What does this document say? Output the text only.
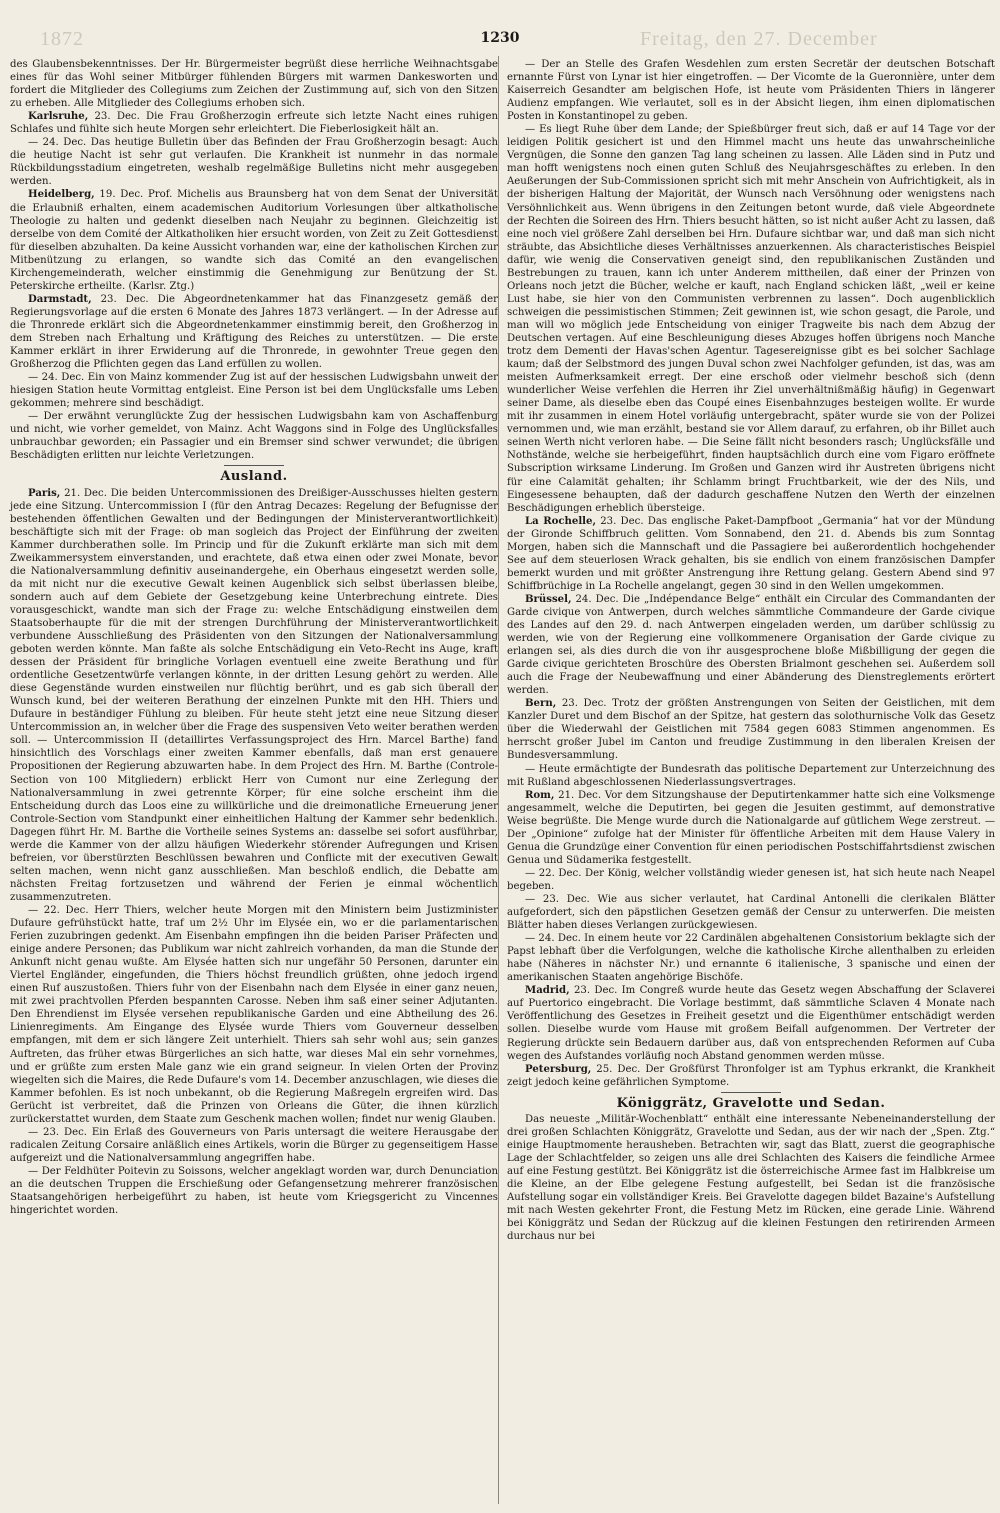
1872	Freitag, den 27. December
1230

des Glaubensbekenntnisses. Der Hr. Bürgermeister begrüßt diese herrliche Weihnachtsgabe eines für das Wohl seiner Mitbürger fühlenden Bürgers mit warmen Dankesworten und fordert die Mitglieder des Collegiums zum Zeichen der Zustimmung auf, sich von den Sitzen zu erheben. Alle Mitglieder des Collegiums erhoben sich.

Karlsruhe, 23. Dec. Die Frau Großherzogin erfreute sich letzte Nacht eines ruhigen Schlafes und fühlte sich heute Morgen sehr erleichtert. Die Fieberlosigkeit hält an.

— 24. Dec. Das heutige Bulletin über das Befinden der Frau Großherzogin besagt: Auch die heutige Nacht ist sehr gut verlaufen. Die Krankheit ist nunmehr in das normale Rückbildungsstadium eingetreten, weshalb regelmäßige Bulletins nicht mehr ausgegeben werden.

Heidelberg, 19. Dec. Prof. Michelis aus Braunsberg hat von dem Senat der Universität die Erlaubniß erhalten, einem academischen Auditorium Vorlesungen über altkatholische Theologie zu halten und gedenkt dieselben nach Neujahr zu beginnen. Gleichzeitig ist derselbe von dem Comité der Altkatholiken hier ersucht worden, von Zeit zu Zeit Gottesdienst für dieselben abzuhalten. Da keine Aussicht vorhanden war, eine der katholischen Kirchen zur Mitbenützung zu erlangen, so wandte sich das Comité an den evangelischen Kirchengemeinderath, welcher einstimmig die Genehmigung zur Benützung der St. Peterskirche ertheilte. (Karlsr. Ztg.)

Darmstadt, 23. Dec. Die Abgeordnetenkammer hat das Finanzgesetz gemäß der Regierungsvorlage auf die ersten 6 Monate des Jahres 1873 verlängert. — In der Adresse auf die Thronrede erklärt sich die Abgeordnetenkammer einstimmig bereit, den Großherzog in dem Streben nach Erhaltung und Kräftigung des Reiches zu unterstützen. — Die erste Kammer erklärt in ihrer Erwiderung auf die Thronrede, in gewohnter Treue gegen den Großherzog die Pflichten gegen das Land erfüllen zu wollen.

— 24. Dec. Ein von Mainz kommender Zug ist auf der hessischen Ludwigsbahn unweit der hiesigen Station heute Vormittag entgleist. Eine Person ist bei dem Unglücksfalle ums Leben gekommen; mehrere sind beschädigt.

— Der erwähnt verunglückte Zug der hessischen Ludwigsbahn kam von Aschaffenburg und nicht, wie vorher gemeldet, von Mainz. Acht Waggons sind in Folge des Unglücksfalles unbrauchbar geworden; ein Passagier und ein Bremser sind schwer verwundet; die übrigen Beschädigten erlitten nur leichte Verletzungen.

Ausland.

Paris, 21. Dec. Die beiden Untercommissionen des Dreißiger-Ausschusses hielten gestern jede eine Sitzung. Untercommission I (für den Antrag Decazes: Regelung der Befugnisse der bestehenden öffentlichen Gewalten und der Bedingungen der Ministerverantwortlichkeit) beschäftigte sich mit der Frage: ob man sogleich das Project der Einführung der zweiten Kammer durchberathen solle. Im Princip und für die Zukunft erklärte man sich mit dem Zweikammersystem einverstanden, und erachtete, daß etwa einen oder zwei Monate, bevor die Nationalversammlung definitiv auseinandergehe, ein Oberhaus eingesetzt werden solle, da mit nicht nur die executive Gewalt keinen Augenblick sich selbst überlassen bleibe, sondern auch auf dem Gebiete der Gesetzgebung keine Unterbrechung eintrete. Dies vorausgeschickt, wandte man sich der Frage zu: welche Entschädigung einstweilen dem Staatsoberhaupte für die mit der strengen Durchführung der Ministerverantwortlichkeit verbundene Ausschließung des Präsidenten von den Sitzungen der Nationalversammlung geboten werden könnte. Man faßte als solche Entschädigung ein Veto-Recht ins Auge, kraft dessen der Präsident für bringliche Vorlagen eventuell eine zweite Berathung und für ordentliche Gesetzentwürfe verlangen könnte, in der dritten Lesung gehört zu werden. Alle diese Gegenstände wurden einstweilen nur flüchtig berührt, und es gab sich überall der Wunsch kund, bei der weiteren Berathung der einzelnen Punkte mit den HH. Thiers und Dufaure in beständiger Fühlung zu bleiben. Für heute steht jetzt eine neue Sitzung dieser Untercommission an, in welcher über die Frage des suspensiven Veto weiter berathen werden soll. — Untercommission II (detaillirtes Verfassungsproject des Hrn. Marcel Barthe) fand hinsichtlich des Vorschlags einer zweiten Kammer ebenfalls, daß man erst genauere Propositionen der Regierung abzuwarten habe. In dem Project des Hrn. M. Barthe (Controle-Section von 100 Mitgliedern) erblickt Herr von Cumont nur eine Zerlegung der Nationalversammlung in zwei getrennte Körper; für eine solche erscheint ihm die Entscheidung durch das Loos eine zu willkürliche und die dreimonatliche Erneuerung jener Controle-Section vom Standpunkt einer einheitlichen Haltung der Kammer sehr bedenklich. Dagegen führt Hr. M. Barthe die Vortheile seines Systems an: dasselbe sei sofort ausführbar, werde die Kammer von der allzu häufigen Wiederkehr störender Aufregungen und Krisen befreien, vor überstürzten Beschlüssen bewahren und Conflicte mit der executiven Gewalt selten machen, wenn nicht ganz ausschließen. Man beschloß endlich, die Debatte am nächsten Freitag fortzusetzen und während der Ferien je einmal wöchentlich zusammenzutreten.

— 22. Dec. Herr Thiers, welcher heute Morgen mit den Ministern beim Justizminister Dufaure gefrühstückt hatte, traf um 2½ Uhr im Elysée ein, wo er die parlamentarischen Ferien zuzubringen gedenkt. Am Eisenbahn empfingen ihn die beiden Pariser Präfecten und einige andere Personen; das Publikum war nicht zahlreich vorhanden, da man die Stunde der Ankunft nicht genau wußte. Am Elysée hatten sich nur ungefähr 50 Personen, darunter ein Viertel Engländer, eingefunden, die Thiers höchst freundlich grüßten, ohne jedoch irgend einen Ruf auszustoßen. Thiers fuhr von der Eisenbahn nach dem Elysée in einer ganz neuen, mit zwei prachtvollen Pferden bespannten Carosse. Neben ihm saß einer seiner Adjutanten. Den Ehrendienst im Elysée versehen republikanische Garden und eine Abtheilung des 26. Linienregiments. Am Eingange des Elysée wurde Thiers vom Gouverneur desselben empfangen, mit dem er sich längere Zeit unterhielt. Thiers sah sehr wohl aus; sein ganzes Auftreten, das früher etwas Bürgerliches an sich hatte, war dieses Mal ein sehr vornehmes, und er grüßte zum ersten Male ganz wie ein grand seigneur. In vielen Orten der Provinz wiegelten sich die Maires, die Rede Dufaure's vom 14. December anzuschlagen, wie dieses die Kammer befohlen. Es ist noch unbekannt, ob die Regierung Maßregeln ergreifen wird. Das Gerücht ist verbreitet, daß die Prinzen von Orleans die Güter, die ihnen kürzlich zurückerstattet wurden, dem Staate zum Geschenk machen wollen; findet nur wenig Glauben.

— 23. Dec. Ein Erlaß des Gouverneurs von Paris untersagt die weitere Herausgabe der radicalen Zeitung Corsaire anläßlich eines Artikels, worin die Bürger zu gegenseitigem Hasse aufgereizt und die Nationalversammlung angegriffen habe.

— Der Feldhüter Poitevin zu Soissons, welcher angeklagt worden war, durch Denunciation an die deutschen Truppen die Erschießung oder Gefangensetzung mehrerer französischen Staatsangehörigen herbeigeführt zu haben, ist heute vom Kriegsgericht zu Vincennes hingerichtet worden.

— Der an Stelle des Grafen Wesdehlen zum ersten Secretär der deutschen Botschaft ernannte Fürst von Lynar ist hier eingetroffen. — Der Vicomte de la Gueronnière, unter dem Kaiserreich Gesandter am belgischen Hofe, ist heute vom Präsidenten Thiers in längerer Audienz empfangen. Wie verlautet, soll es in der Absicht liegen, ihm einen diplomatischen Posten in Konstantinopel zu geben.

— Es liegt Ruhe über dem Lande; der Spießbürger freut sich, daß er auf 14 Tage vor der leidigen Politik gesichert ist und den Himmel macht uns heute das unwahrscheinliche Vergnügen, die Sonne den ganzen Tag lang scheinen zu lassen. Alle Läden sind in Putz und man hofft wenigstens noch einen guten Schluß des Neujahrsgeschäftes zu erleben. In den Aeußerungen der Sub-Commissionen spricht sich mit mehr Anschein von Aufrichtigkeit, als in der bisherigen Haltung der Majorität, der Wunsch nach Versöhnung oder wenigstens nach Versöhnlichkeit aus. Wenn übrigens in den Zeitungen betont wurde, daß viele Abgeordnete der Rechten die Soireen des Hrn. Thiers besucht hätten, so ist nicht außer Acht zu lassen, daß eine noch viel größere Zahl derselben bei Hrn. Dufaure sichtbar war, und daß man sich nicht sträubte, das Absichtliche dieses Verhältnisses anzuerkennen. Als characteristisches Beispiel dafür, wie wenig die Conservativen geneigt sind, den republikanischen Zuständen und Bestrebungen zu trauen, kann ich unter Anderem mittheilen, daß einer der Prinzen von Orleans noch jetzt die Bücher, welche er kauft, nach England schicken läßt, „weil er keine Lust habe, sie hier von den Communisten verbrennen zu lassen“. Doch augenblicklich schweigen die pessimistischen Stimmen; Zeit gewinnen ist, wie schon gesagt, die Parole, und man will wo möglich jede Entscheidung von einiger Tragweite bis nach dem Abzug der Deutschen vertagen. Auf eine Beschleunigung dieses Abzuges hoffen übrigens noch Manche trotz dem Dementi der Havas'schen Agentur. Tagesereignisse gibt es bei solcher Sachlage kaum; daß der Selbstmord des jungen Duval schon zwei Nachfolger gefunden, ist das, was am meisten Aufmerksamkeit erregt. Der eine erschoß oder vielmehr beschoß sich (denn wunderlicher Weise verfehlen die Herren ihr Ziel unverhältnißmäßig häufig) in Gegenwart seiner Dame, als dieselbe eben das Coupé eines Eisenbahnzuges besteigen wollte. Er wurde mit ihr zusammen in einem Hotel vorläufig untergebracht, später wurde sie von der Polizei vernommen und, wie man erzählt, bestand sie vor Allem darauf, zu erfahren, ob ihr Billet auch seinen Werth nicht verloren habe. — Die Seine fällt nicht besonders rasch; Unglücksfälle und Nothstände, welche sie herbeigeführt, finden hauptsächlich durch eine vom Figaro eröffnete Subscription wirksame Linderung. Im Großen und Ganzen wird ihr Austreten übrigens nicht für eine Calamität gehalten; ihr Schlamm bringt Fruchtbarkeit, wie der des Nils, und Eingesessene behaupten, daß der dadurch geschaffene Nutzen den Werth der einzelnen Beschädigungen erheblich übersteige.

La Rochelle, 23. Dec. Das englische Paket-Dampfboot „Germania“ hat vor der Mündung der Gironde Schiffbruch gelitten. Vom Sonnabend, den 21. d. Abends bis zum Sonntag Morgen, haben sich die Mannschaft und die Passagiere bei außerordentlich hochgehender See auf dem steuerlosen Wrack gehalten, bis sie endlich von einem französischen Dampfer bemerkt wurden und mit größter Anstrengung ihre Rettung gelang. Gestern Abend sind 97 Schiffbrüchige in La Rochelle angelangt, gegen 30 sind in den Wellen umgekommen.

Brüssel, 24. Dec. Die „Indépendance Belge“ enthält ein Circular des Commandanten der Garde civique von Antwerpen, durch welches sämmtliche Commandeure der Garde civique des Landes auf den 29. d. nach Antwerpen eingeladen werden, um darüber schlüssig zu werden, wie von der Regierung eine vollkommenere Organisation der Garde civique zu erlangen sei, als dies durch die von ihr ausgesprochene bloße Mißbilligung der gegen die Garde civique gerichteten Broschüre des Obersten Brialmont geschehen sei. Außerdem soll auch die Frage der Neubewaffnung und einer Abänderung des Dienstreglements erörtert werden.

Bern, 23. Dec. Trotz der größten Anstrengungen von Seiten der Geistlichen, mit dem Kanzler Duret und dem Bischof an der Spitze, hat gestern das solothurnische Volk das Gesetz über die Wiederwahl der Geistlichen mit 7584 gegen 6083 Stimmen angenommen. Es herrscht großer Jubel im Canton und freudige Zustimmung in den liberalen Kreisen der Bundesversammlung.

— Heute ermächtigte der Bundesrath das politische Departement zur Unterzeichnung des mit Rußland abgeschlossenen Niederlassungsvertrages.

Rom, 21. Dec. Vor dem Sitzungshause der Deputirtenkammer hatte sich eine Volksmenge angesammelt, welche die Deputirten, bei gegen die Jesuiten gestimmt, auf demonstrative Weise begrüßte. Die Menge wurde durch die Nationalgarde auf gütlichem Wege zerstreut. — Der „Opinione“ zufolge hat der Minister für öffentliche Arbeiten mit dem Hause Valery in Genua die Grundzüge einer Convention für einen periodischen Postschiffahrtsdienst zwischen Genua und Südamerika festgestellt.

— 22. Dec. Der König, welcher vollständig wieder genesen ist, hat sich heute nach Neapel begeben.

— 23. Dec. Wie aus sicher verlautet, hat Cardinal Antonelli die clerikalen Blätter aufgefordert, sich den päpstlichen Gesetzen gemäß der Censur zu unterwerfen. Die meisten Blätter haben dieses Verlangen zurückgewiesen.

— 24. Dec. In einem heute vor 22 Cardinälen abgehaltenen Consistorium beklagte sich der Papst lebhaft über die Verfolgungen, welche die katholische Kirche allenthalben zu erleiden habe (Näheres in nächster Nr.) und ernannte 6 italienische, 3 spanische und einen der amerikanischen Staaten angehörige Bischöfe.

Madrid, 23. Dec. Im Congreß wurde heute das Gesetz wegen Abschaffung der Sclaverei auf Puertorico eingebracht. Die Vorlage bestimmt, daß sämmtliche Sclaven 4 Monate nach Veröffentlichung des Gesetzes in Freiheit gesetzt und die Eigenthümer entschädigt werden sollen. Dieselbe wurde vom Hause mit großem Beifall aufgenommen. Der Vertreter der Regierung drückte sein Bedauern darüber aus, daß von entsprechenden Reformen auf Cuba wegen des Aufstandes vorläufig noch Abstand genommen werden müsse.

Petersburg, 25. Dec. Der Großfürst Thronfolger ist am Typhus erkrankt, die Krankheit zeigt jedoch keine gefährlichen Symptome.

Königgrätz, Gravelotte und Sedan.

Das neueste „Militär-Wochenblatt“ enthält eine interessante Nebeneinanderstellung der drei großen Schlachten Königgrätz, Gravelotte und Sedan, aus der wir nach der „Spen. Ztg.“ einige Hauptmomente herausheben. Betrachten wir, sagt das Blatt, zuerst die geographische Lage der Schlachtfelder, so zeigen uns alle drei Schlachten des Kaisers die feindliche Armee auf eine Festung gestützt. Bei Königgrätz ist die österreichische Armee fast im Halbkreise um die Kleine, an der Elbe gelegene Festung aufgestellt, bei Sedan ist die französische Aufstellung sogar ein vollständiger Kreis. Bei Gravelotte dagegen bildet Bazaine's Aufstellung mit nach Westen gekehrter Front, die Festung Metz im Rücken, eine gerade Linie. Während bei Königgrätz und Sedan der Rückzug auf die kleinen Festungen den retirirenden Armeen durchaus nur bei
